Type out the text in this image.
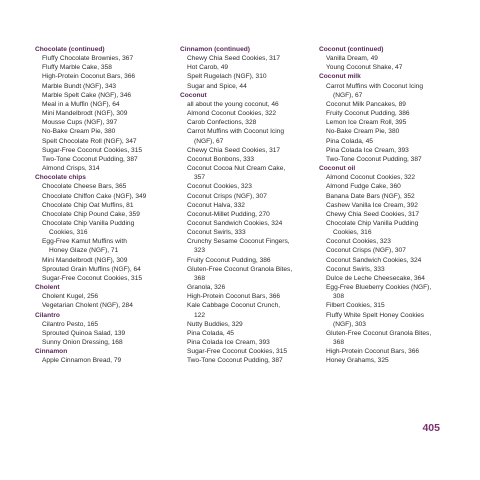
Chocolate (continued)
Fluffy Chocolate Brownies, 367
Fluffy Marble Cake, 358
High-Protein Coconut Bars, 366
Marble Bundt (NGF), 343
Marble Spelt Cake (NGF), 346
Meal in a Muffin (NGF), 64
Mini Mandelbrodt (NGF), 309
Mousse Cups (NGF), 397
No-Bake Cream Pie, 380
Spelt Chocolate Roll (NGF), 347
Sugar-Free Coconut Cookies, 315
Two-Tone Coconut Pudding, 387
Almond Crisps, 314
Chocolate chips
Chocolate Cheese Bars, 365
Chocolate Chiffon Cake (NGF), 349
Chocolate Chip Oat Muffins, 81
Chocolate Chip Pound Cake, 359
Chocolate Chip Vanilla Pudding
Cookies, 316
Egg-Free Kamut Muffins with
Honey Glaze (NGF), 71
Mini Mandelbrodt (NGF), 309
Sprouted Grain Muffins (NGF), 64
Sugar-Free Coconut Cookies, 315
Cholent
Cholent Kugel, 256
Vegetarian Cholent (NGF), 284
Cilantro
Cilantro Pesto, 165
Sprouted Quinoa Salad, 139
Sunny Onion Dressing, 168
Cinnamon
Apple Cinnamon Bread, 79
Cinnamon (continued)
Chewy Chia Seed Cookies, 317
Hot Carob, 49
Spelt Rugelach (NGF), 310
Sugar and Spice, 44
Coconut
all about the young coconut, 46
Almond Coconut Cookies, 322
Carob Confections, 328
Carrot Muffins with Coconut Icing
(NGF), 67
Chewy Chia Seed Cookies, 317
Coconut Bonbons, 333
Coconut Cocoa Nut Cream Cake,
357
Coconut Cookies, 323
Coconut Crisps (NGF), 307
Coconut Halva, 332
Coconut-Millet Pudding, 270
Coconut Sandwich Cookies, 324
Coconut Swirls, 333
Crunchy Sesame Coconut Fingers,
323
Fruity Coconut Pudding, 386
Gluten-Free Coconut Granola Bites,
368
Granola, 326
High-Protein Coconut Bars, 366
Kale Cabbage Coconut Crunch,
122
Nutty Buddies, 329
Pina Colada, 45
Pina Colada Ice Cream, 393
Sugar-Free Coconut Cookies, 315
Two-Tone Coconut Pudding, 387
Coconut (continued)
Vanilla Dream, 49
Young Coconut Shake, 47
Coconut milk
Carrot Muffins with Coconut Icing
(NGF), 67
Coconut Milk Pancakes, 89
Fruity Coconut Pudding, 386
Lemon Ice Cream Roll, 395
No-Bake Cream Pie, 380
Pina Colada, 45
Pina Colada Ice Cream, 393
Two-Tone Coconut Pudding, 387
Coconut oil
Almond Coconut Cookies, 322
Almond Fudge Cake, 360
Banana Date Bars (NGF), 352
Cashew Vanilla Ice Cream, 392
Chewy Chia Seed Cookies, 317
Chocolate Chip Vanilla Pudding
Cookies, 316
Coconut Cookies, 323
Coconut Crisps (NGF), 307
Coconut Sandwich Cookies, 324
Coconut Swirls, 333
Dulce de Leche Cheesecake, 364
Egg-Free Blueberry Cookies (NGF),
308
Filbert Cookies, 315
Fluffy White Spelt Honey Cookies
(NGF), 303
Gluten-Free Coconut Granola Bites,
368
High-Protein Coconut Bars, 366
Honey Grahams, 325
405
